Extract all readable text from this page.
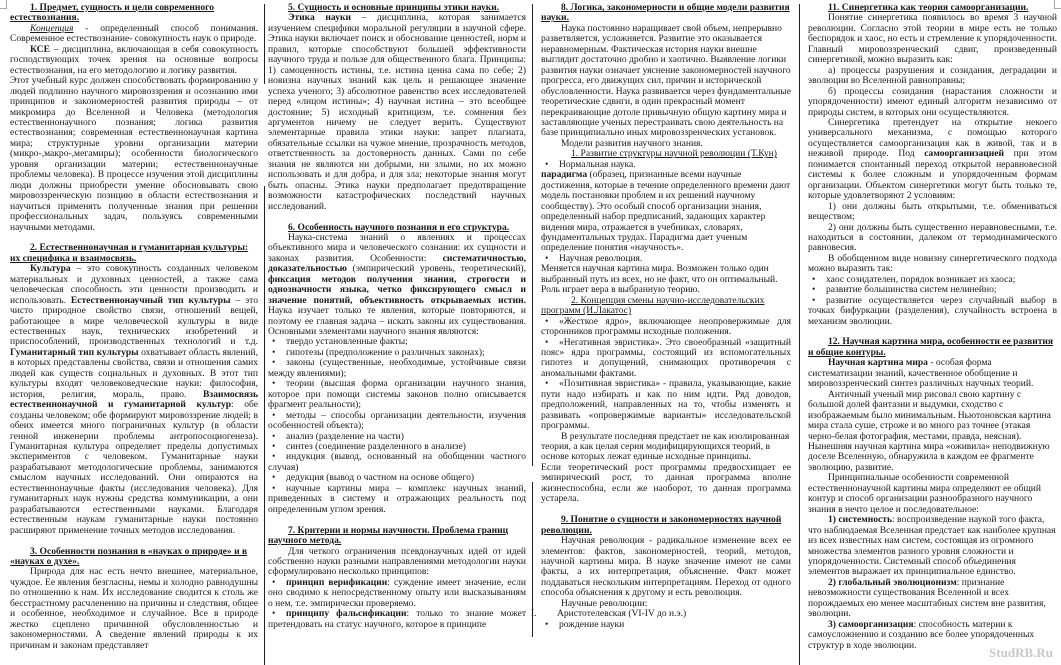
StudRB.Ru
1. Предмет, сущность и цели современного естествознания.
Концепция - определенный способ понимания. Современное естествознание- совокупность наук о природе.
КСЕ – дисциплина, включающая в себя совокупность господствующих точек зрения на основные вопросы естествознания, на его методологию и логику развития.
Этот учебный курс должен способствовать формированию у людей подлинно научного мировоззрения и осознанию ими принципов и закономерностей развития природы – от микромира до Вселенной и Человека (методология естественнонаучного познания; логика развития естествознания; современная естественнонаучная картина мира; структурные уровни организации материи (микро-,макро-,мегамиры); особенности биологического уровня организации материи; естественнонаучные проблемы человека). В процессе изучения этой дисциплины люди должны приобрести умение обосновывать свою мировоззренческую позицию в области естествознания и научиться применять полученные знания при решении профессиональных задач, пользуясь современными научными методами.
2. Естественнонаучная и гуманитарная культуры: их специфика и взаимосвязь.
Культура – это совокупность созданных человеком материальных и духовных ценностей, а также сама человеческая способность эти ценности производить и использовать. Естественнонаучный тип культуры – это чисто природное свойство связи, отношений вещей, работающее в мире человеческой культуры в виде естественных наук, технических изобретений и приспособлений, производственных технологий и т.д. Гуманитарный тип культуры охватывает область явлений, в которых представлены свойства, связи и отношения самих людей как существ социальных и духовных. В этот тип культуры входят человековедческие науки: философия, история, религия, мораль, право. Взаимосвязь естественнонаучной и гуманитарной культур: обе созданы человеком; обе формируют мировоззрение людей; в обеих имеется много пограничных культур (в области генной инженерии проблемы антропосоциогенеза). Гуманитарная культура определяет пределы допустимых экспериментов с человеком. Гуманитарные науки разрабатывают методологические проблемы, занимаются смыслом научных исследований. Они опираются на естественнонаучные факты (исследования человека). Для гуманитарных наук нужны средства коммуникации, а они разрабатываются естественными науками. Благодаря естественным наукам гуманитарные науки постоянно расширяют применение точных методов исследования.
3. Особенности познания в «науках о природе» и в «науках о духе».
Природа для нас есть нечто внешнее, материальное, чуждое. Ее явления безгласны, немы и холодно равнодушны по отношению к нам. Их исследование сводится к столь же бесстрастному расчленению на причины и следствия, общее и особенное, необходимое и случайное. Все в природе жестко сцеплено причинной обусловленностью и закономерностями. А сведение явлений природы к их причинам и законам представляет
5. Сущность и основные принципы этики науки.
Этика науки – дисциплина, которая занимается изучением специфики моральной регуляции в научной сфере. Этика науки включает поиск и обоснование ценностей, норм и правил, которые способствуют большей эффективности научного труда и пользе для общественного блага. Принципы: 1) самоценность истины, т.е. истина ценна сама по себе; 2) новизна научных знаний как цель и решающее значение успеха ученого; 3) абсолютное равенство всех исследователей перед «лицом истины»; 4) научная истина – это всеобщее достояние; 5) исходный критицизм, т.е. сомнения без аргументов ничему не следует верить. Существуют элементарные правила этики науки: запрет плагиата, обязательные ссылки на чужое мнение, прозрачность методов, ответственность за достоверность данных. Сами по себе знания не являются ни добрыми, ни злыми, но их можно использовать и для добра, и для зла; некоторые знания могут быть опасны. Этика науки предполагает предотвращение возможности катастрофических последствий научных исследований.
6. Особенность научного познания и его структура.
Наука-система знаний о явлениях и процессах объективного мира и человеческого сознания: их сущности и законах развития. Особенности: систематичностью, доказательностью (эмпирический уровень, теоретический), фиксация методов получения знания, строгости и однозначности языка, четко фиксирующего смысл и значение понятий, объективность открываемых истин. Наука изучает только те явления, которые повторяются, и поэтому ее главная задача – искать законы их существования. Основными элементами научного знания являются:
• твердо установленные факты;
• гипотезы (предположение о различных законах);
• законы (существенные, необходимые, устойчивые связи между явлениями);
• теории (высшая форма организации научного знания, которое при помощи системы законов полно описывается фрагмент реальности);
• методы – способы организации деятельности, изучения особенностей объекта);
• анализ (разделение на части)
• синтез (соединение разделенного в анализе)
• индукция (вывод, основанный на обобщении частного случая)
• дедукция (вывод о частном на основе общего)
• научные картины мира – комплекс научных знаний, приведенных в систему и отражающих реальность под определенным углом зрения.
7. Критерии и нормы научности. Проблема границ научного метода.
Для четкого ограничения псевдонаучных идей от идей собственно науки разными направлениями методологии науки сформулировано несколько принципов:
• принцип верификации: суждение имеет значение, если оно сводимо к непосредственному опыту или высказываниям о нем, т.е. эмпирически проверяемо.
• принципу фальсификации: только то знание может претендовать на статус научного, которое в принципе
8. Логика, закономерности и общие модели развития науки.
Наука постоянно наращивает свой объем, непрерывно разветвляется, усложняется. Развитие это оказывается неравномерным. Фактическая история науки внешне выглядит достаточно дробно и хаотично. Выявление логики развития науки означает уяснение закономерностей научного прогресса, его движущих сил, причин и исторической обусловленности. Наука развивается через фундаментальные теоретические сдвиги, в один прекрасный момент перекраивающие дотоле привычную общую картину мира и заставляющие ученых перестраивать свою деятельность на базе принципиально иных мировоззренческих установок.
Модели развития научного знания.
1. Развитие структуры научной революции (Т.Кун)
• Нормальная наука.
парадигма (образец, признанные всеми научные достижения, которые в течение определенного времени дают модель постановки проблем и их решений научному сообществу). Это особый способ организации знания, определенный набор предписаний, задающих характер видения мира, отражается в учебниках, словарях, фундаментальных трудах. Парадигма дает ученым определение понятия «научность».
• Научная революция.
Меняется научная картина мира. Возможен только один выбранный путь из всех, но не факт, что он оптимальный. Роль играет вера в выбранную теорию.
2. Концепция смены научно-исследовательских программ (И.Лакатос)
• «Жесткое ядро», включающее неопровержимые для сторонников программы исходные положения.
• «Негативная эвристика». Это своеобразный «защитный пояс» ядра программы, состоящий из вспомогательных гипотез и допущений, снимающих противоречия с аномальными фактами.
• «Позитивная эвристика» - правила, указывающие, какие пути надо избирать и как по ним идти. Ряд доводов, предположений, направленных на то, чтобы изменять и развивать «опровержимые варианты» исследовательской программы.
В результате последняя предстает не как изолированная теория, а как целая серия модифицирующихся теорий, в основе которых лежат единые исходные принципы.
Если теоретический рост программы предвосхищает ее эмпирический рост, то данная программа вполне жизнеспособна, если же наоборот, то данная программа устарела.
9. Понятие о сущности и закономерностях научной революции.
Научная революция - радикальное изменение всех ее элементов: фактов, закономерностей, теорий, методов, научной картины мира. В науке значение имеют не сами факты, а их интерпретация, объяснение. Факт может поддаваться нескольким интерпретациям. Переход от одного способа объяснения к другому и есть революция.
Научные революции:
I. Аристотелевская (VI-IV до н.э.)
• рождение науки
11. Синергетика как теория самоорганизации.
Понятие синергетика появилось во время 3 научной революции. Согласно этой теории в мире есть не только беспорядок и хаос, но есть и стремление к упорядоченности. Главный мировоззренческий сдвиг, произведенный синергетикой, можно выразить как:
а) процессы разрушения и созидания, деградации и эволюции во Вселенной равноправны;
б) процессы созидания (нарастания сложности и упорядоченности) имеют единый алгоритм независимо от природы систем, в которых они осуществляются.
Синергетика претендует на открытие некоего универсального механизма, с помощью которого осуществляется самоорганизация как в живой, так и в неживой природе. Под самоорганизацией при этом понимается спонтанный переход открытой неравновесной системы к более сложным и упорядоченным формам организации. Объектом синергетики могут быть только те, которые удовлетворяют 2 условиям:
1) они должны быть открытыми, т.е. обмениваться веществом;
2) они должны быть существенно неравновесными, т.е. находиться в состоянии, далеком от термодинамического равновесия.
В обобщенном виде новизну синергетического подхода можно выразить так:
• хаос созидателен, порядок возникает из хаоса;
• развитие большинства систем нелинейно;
• развитие осуществляется через случайный выбор в точках бифуркации (разделения), случайность встроена в механизм эволюции.
12. Научная картина мира, особенности ее развития и общие контуры.
Научная картина мира - особая форма систематизации знаний, качественное обобщение и мировоззренческий синтез различных научных теорий.
Античный ученый мир рисовал свою картину с большой долей фантазии и выдумки, сходство с изображаемым было минимальным. Ньютоновская картина мира стала суше, строже и во много раз точнее (этакая черно-белая фотография, местами, правда, неясная). Нынешняя научная картина мира «оживила» неподвижную доселе Вселенную, обнаружила в каждом ее фрагменте эволюцию, развитие.
Принципиальные особенности современной естественнонаучной картины мира определяют ее общий контур и способ организации разнообразного научного знания в нечто целое и последовательное:
1) системность: воспроизведение наукой того факта, что наблюдаемая Вселенная предстает как наиболее крупная из всех известных нам систем, состоящая из огромного множества элементов разного уровня сложности и упорядоченности. Системный способ объединения элементов выражает их принципиальное единство.
2) глобальный эволюционизм: признание невозможности существования Вселенной и всех порождаемых ею менее масштабных систем вне развития, эволюции.
3) самоорганизация: способность материи к самоусложнению и созданию все более упорядоченных структур в ходе эволюции.
